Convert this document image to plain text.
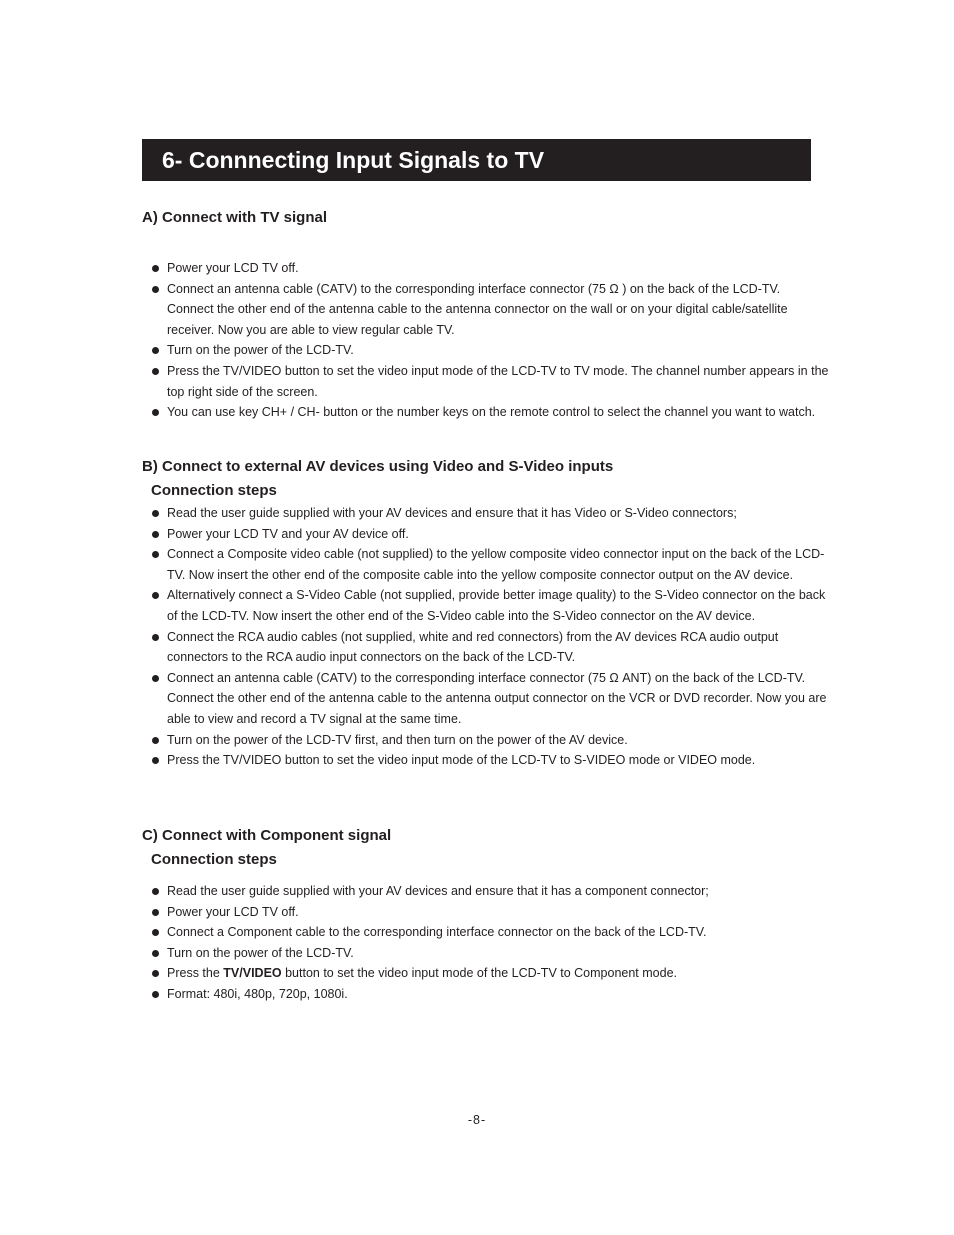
6- Connnecting Input Signals to TV
A) Connect with TV signal
Power your LCD TV off.
Connect an antenna cable (CATV) to the corresponding interface connector (75 Ω ) on the back of the LCD-TV. Connect the other end of the antenna cable to the antenna connector on the wall or on your digital cable/satellite receiver. Now you are able to view regular cable TV.
Turn on the power of the LCD-TV.
Press the TV/VIDEO button to set the video input mode of the LCD-TV to TV mode. The channel number appears in the top right side of the screen.
You can use key CH+ / CH- button or the number keys on the remote control to select the channel you want to watch.
B) Connect to external AV devices using Video and S-Video inputs
Connection steps
Read the user guide supplied with your AV devices and ensure that it has Video or S-Video connectors;
Power your LCD TV and your AV device off.
Connect a Composite video cable (not supplied) to the yellow composite video connector input on the back of the LCD-TV. Now insert the other end of the composite cable into the yellow composite connector output on the AV device.
Alternatively connect a S-Video Cable (not supplied, provide better image quality) to the S-Video connector on the back of the LCD-TV. Now insert the other end of the S-Video cable into the S-Video connector on the AV device.
Connect the RCA audio cables (not supplied, white and red connectors) from the AV devices RCA audio output connectors to the RCA audio input connectors on the back of the LCD-TV.
Connect an antenna cable (CATV) to the corresponding interface connector (75 Ω ANT) on the back of the LCD-TV. Connect the other end of the antenna cable to the antenna output connector on the VCR or DVD recorder. Now you are able to view and record a TV signal at the same time.
Turn on the power of the LCD-TV first, and then turn on the power of the AV device.
Press the TV/VIDEO button to set the video input mode of the LCD-TV to S-VIDEO mode or VIDEO mode.
C) Connect with Component signal
Connection steps
Read the user guide supplied with your AV devices and ensure that it has a component connector;
Power your LCD TV off.
Connect a Component cable to the corresponding interface connector on the back of the LCD-TV.
Turn on the power of the LCD-TV.
Press the TV/VIDEO button to set the video input mode of the LCD-TV to Component mode.
Format: 480i, 480p, 720p, 1080i.
-8-
